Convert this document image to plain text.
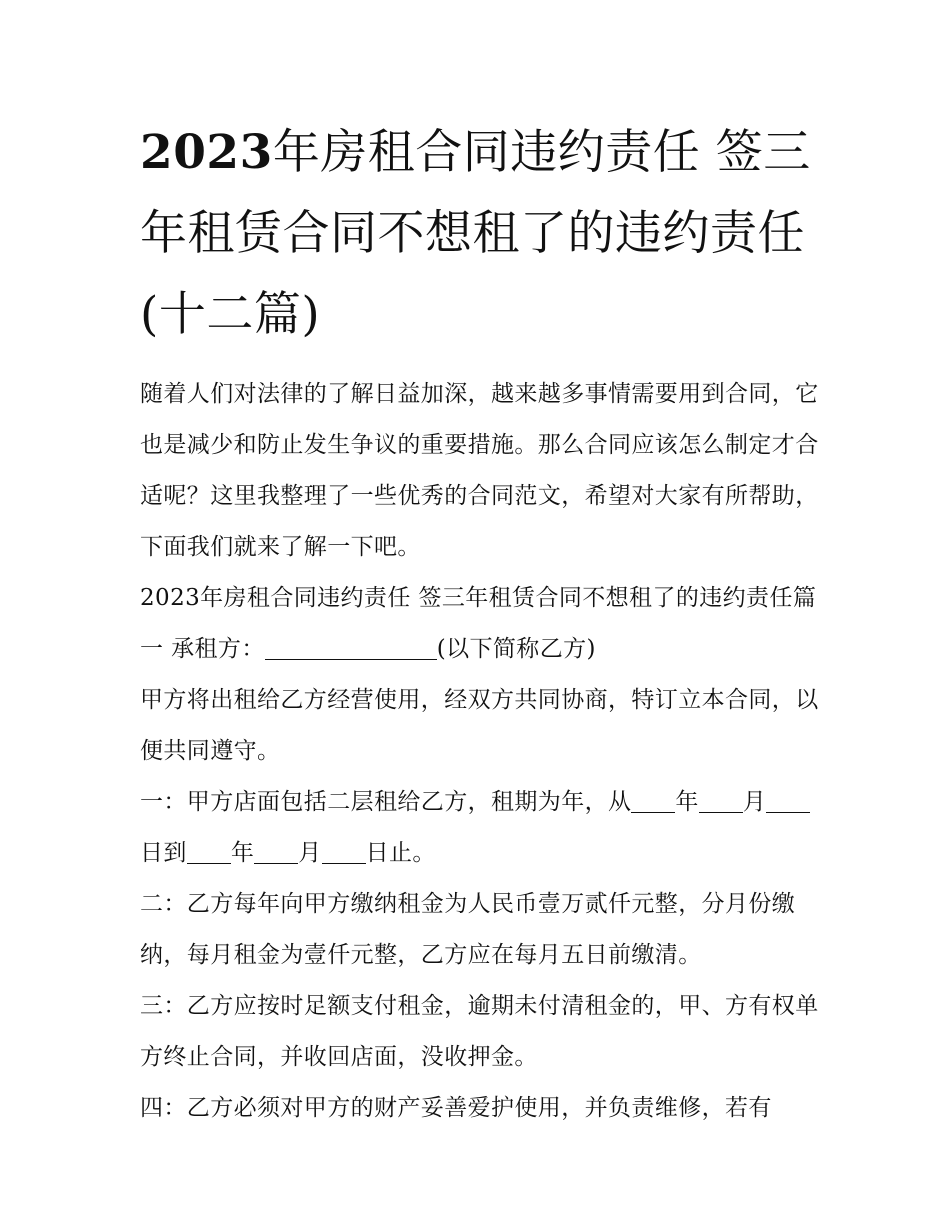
2023年房租合同违约责任 签三年租赁合同不想租了的违约责任(十二篇)

随着人们对法律的了解日益加深，越来越多事情需要用到合同，它也是减少和防止发生争议的重要措施。那么合同应该怎么制定才合适呢？这里我整理了一些优秀的合同范文，希望对大家有所帮助，下面我们就来了解一下吧。

2023年房租合同违约责任 签三年租赁合同不想租了的违约责任篇一 承租方：	(以下简称乙方)

甲方将出租给乙方经营使用，经双方共同协商，特订立本合同，以便共同遵守。

一：甲方店面包括二层租给乙方，租期为年，从 年 月日到 年 月 日止。

二：乙方每年向甲方缴纳租金为人民币壹万贰仟元整，分月份缴纳，每月租金为壹仟元整，乙方应在每月五日前缴清。

三：乙方应按时足额支付租金，逾期未付清租金的，甲、方有权单方终止合同，并收回店面，没收押金。

四：乙方必须对甲方的财产妥善爱护使用，并负责维修，若有
